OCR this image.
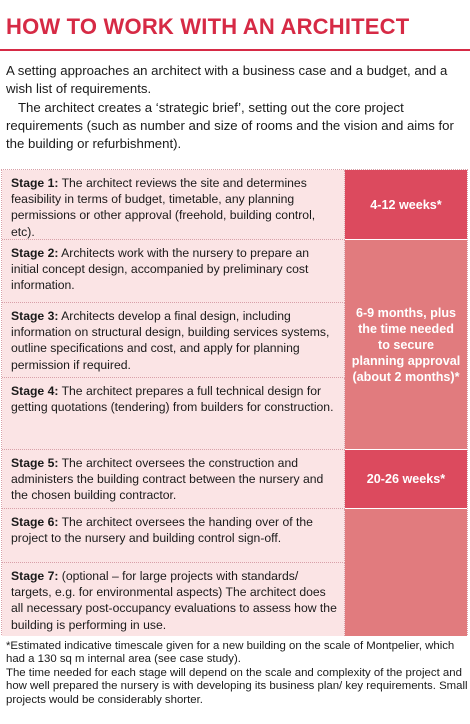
HOW TO WORK WITH AN ARCHITECT

A setting approaches an architect with a business case and a budget, and a wish list of requirements.

The architect creates a ‘strategic brief’, setting out the core project requirements (such as number and size of rooms and the vision and aims for the building or refurbishment).

Stage 1: The architect reviews the site and determines feasibility in terms of budget, timetable, any planning permissions or other approval (freehold, building control, etc).
4-12 weeks*
Stage 2: Architects work with the nursery to prepare an initial concept design, accompanied by preliminary cost information.
6-9 months, plus the time needed to secure planning approval (about 2 months)*
Stage 3: Architects develop a final design, including information on structural design, building services systems, outline specifications and cost, and apply for planning permission if required.
Stage 4: The architect prepares a full technical design for getting quotations (tendering) from builders for construction.
Stage 5: The architect oversees the construction and administers the building contract between the nursery and the chosen building contractor.
20-26 weeks*
Stage 6: The architect oversees the handing over of the project to the nursery and building control sign-off.
Stage 7: (optional – for large projects with standards/ targets, e.g. for environmental aspects) The architect does all necessary post-occupancy evaluations to assess how the building is performing in use.

*Estimated indicative timescale given for a new building on the scale of Montpelier, which had a 130 sq m internal area (see case study).

The time needed for each stage will depend on the scale and complexity of the project and how well prepared the nursery is with developing its business plan/ key requirements. Small projects would be considerably shorter.
